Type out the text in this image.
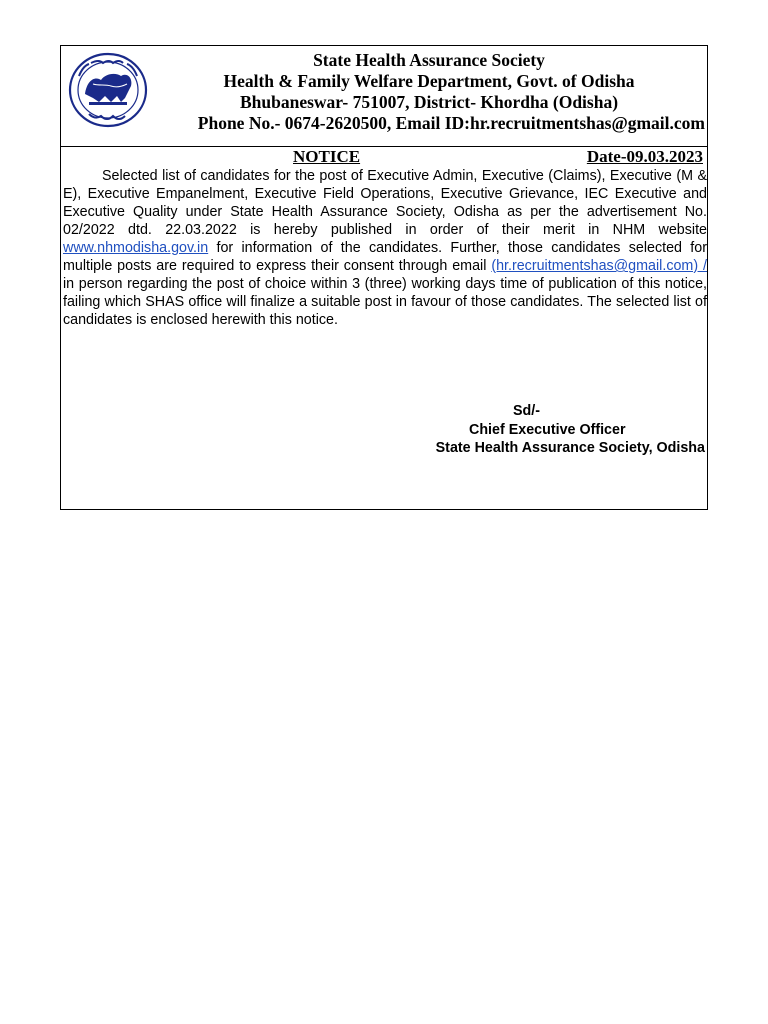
State Health Assurance Society
Health & Family Welfare Department, Govt. of Odisha
Bhubaneswar- 751007, District- Khordha (Odisha)
Phone No.- 0674-2620500, Email ID:hr.recruitmentshas@gmail.com
NOTICE	Date-09.03.2023
Selected list of candidates for the post of Executive Admin, Executive (Claims), Executive (M & E), Executive Empanelment, Executive Field Operations, Executive Grievance, IEC Executive and Executive Quality under State Health Assurance Society, Odisha as per the advertisement No. 02/2022 dtd. 22.03.2022 is hereby published in order of their merit in NHM website www.nhmodisha.gov.in for information of the candidates. Further, those candidates selected for multiple posts are required to express their consent through email (hr.recruitmentshas@gmail.com) / in person regarding the post of choice within 3 (three) working days time of publication of this notice, failing which SHAS office will finalize a suitable post in favour of those candidates. The selected list of candidates is enclosed herewith this notice.
Sd/-
Chief Executive Officer
State Health Assurance Society, Odisha
